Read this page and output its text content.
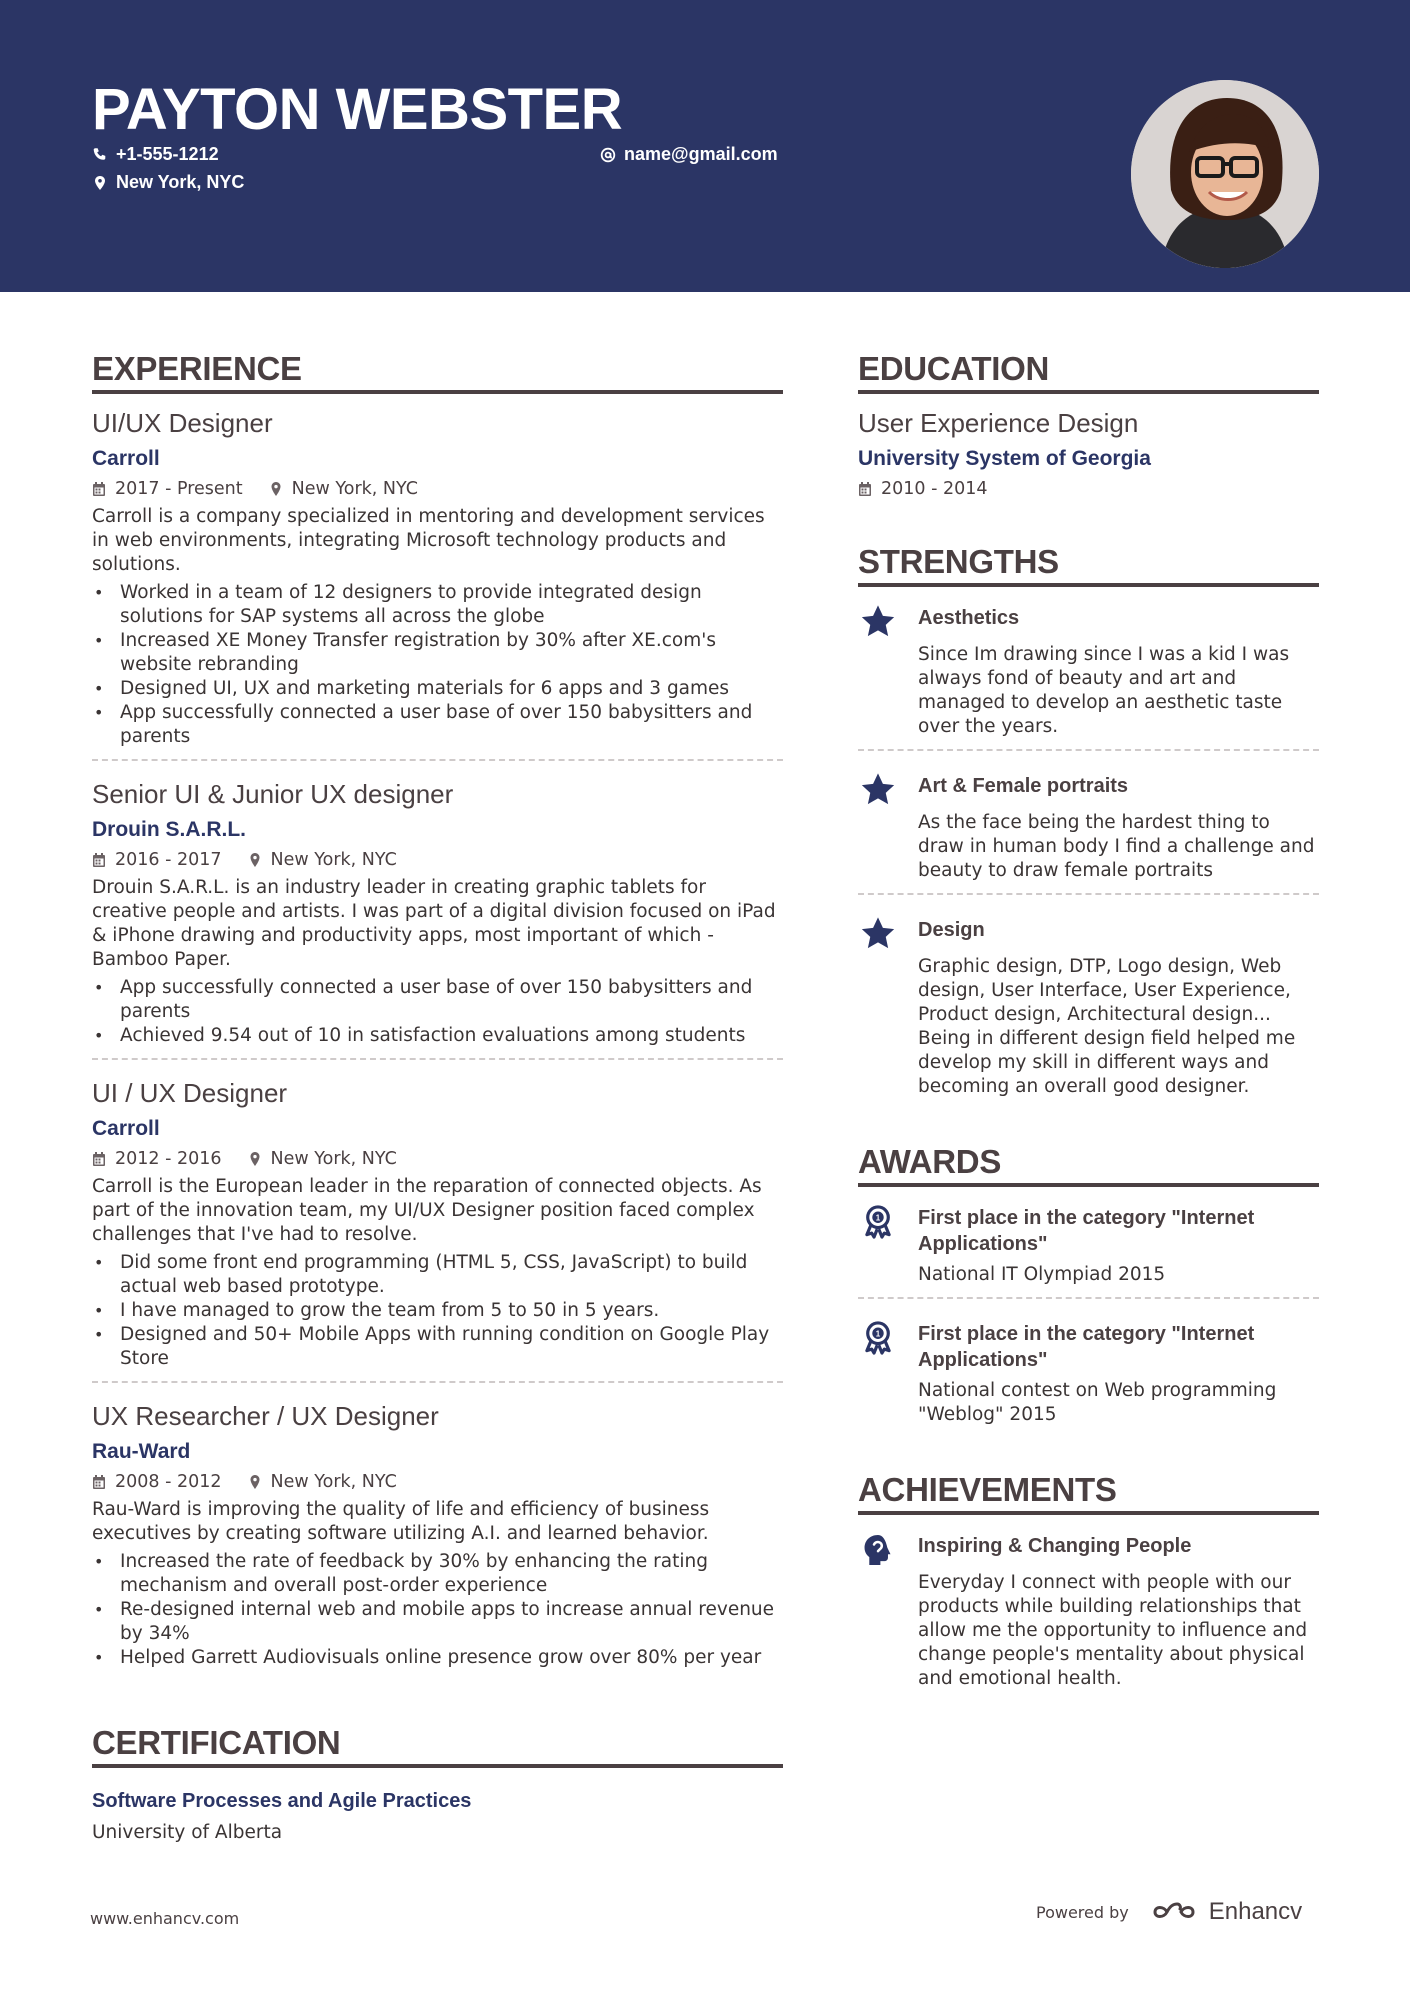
PAYTON WEBSTER
+1-555-1212	name@gmail.com
New York, NYC
EXPERIENCE
UI/UX Designer
Carroll
2017 - Present	New York, NYC
Carroll is a company specialized in mentoring and development services in web environments, integrating Microsoft technology products and solutions.
• Worked in a team of 12 designers to provide integrated design solutions for SAP systems all across the globe
• Increased XE Money Transfer registration by 30% after XE.com's website rebranding
• Designed UI, UX and marketing materials for 6 apps and 3 games
• App successfully connected a user base of over 150 babysitters and parents
Senior UI & Junior UX designer
Drouin S.A.R.L.
2016 - 2017	New York, NYC
Drouin S.A.R.L. is an industry leader in creating graphic tablets for creative people and artists. I was part of a digital division focused on iPad & iPhone drawing and productivity apps, most important of which - Bamboo Paper.
• App successfully connected a user base of over 150 babysitters and parents
• Achieved 9.54 out of 10 in satisfaction evaluations among students
UI / UX Designer
Carroll
2012 - 2016	New York, NYC
Carroll is the European leader in the reparation of connected objects. As part of the innovation team, my UI/UX Designer position faced complex challenges that I've had to resolve.
• Did some front end programming (HTML 5, CSS, JavaScript) to build actual web based prototype.
• I have managed to grow the team from 5 to 50 in 5 years.
• Designed and 50+ Mobile Apps with running condition on Google Play Store
UX Researcher / UX Designer
Rau-Ward
2008 - 2012	New York, NYC
Rau-Ward is improving the quality of life and efficiency of business executives by creating software utilizing A.I. and learned behavior.
• Increased the rate of feedback by 30% by enhancing the rating mechanism and overall post-order experience
• Re-designed internal web and mobile apps to increase annual revenue by 34%
• Helped Garrett Audiovisuals online presence grow over 80% per year
CERTIFICATION
Software Processes and Agile Practices
University of Alberta
EDUCATION
User Experience Design
University System of Georgia
2010 - 2014
STRENGTHS
Aesthetics
Since Im drawing since I was a kid I was always fond of beauty and art and managed to develop an aesthetic taste over the years.
Art & Female portraits
As the face being the hardest thing to draw in human body I find a challenge and beauty to draw female portraits
Design
Graphic design, DTP, Logo design, Web design, User Interface, User Experience, Product design, Architectural design... Being in different design field helped me develop my skill in different ways and becoming an overall good designer.
AWARDS
1 First place in the category "Internet Applications"
National IT Olympiad 2015
1 First place in the category "Internet Applications"
National contest on Web programming "Weblog" 2015
ACHIEVEMENTS
Inspiring & Changing People
Everyday I connect with people with our products while building relationships that allow me the opportunity to influence and change people's mentality about physical and emotional health.
www.enhancv.com	Powered by	Enhancv
